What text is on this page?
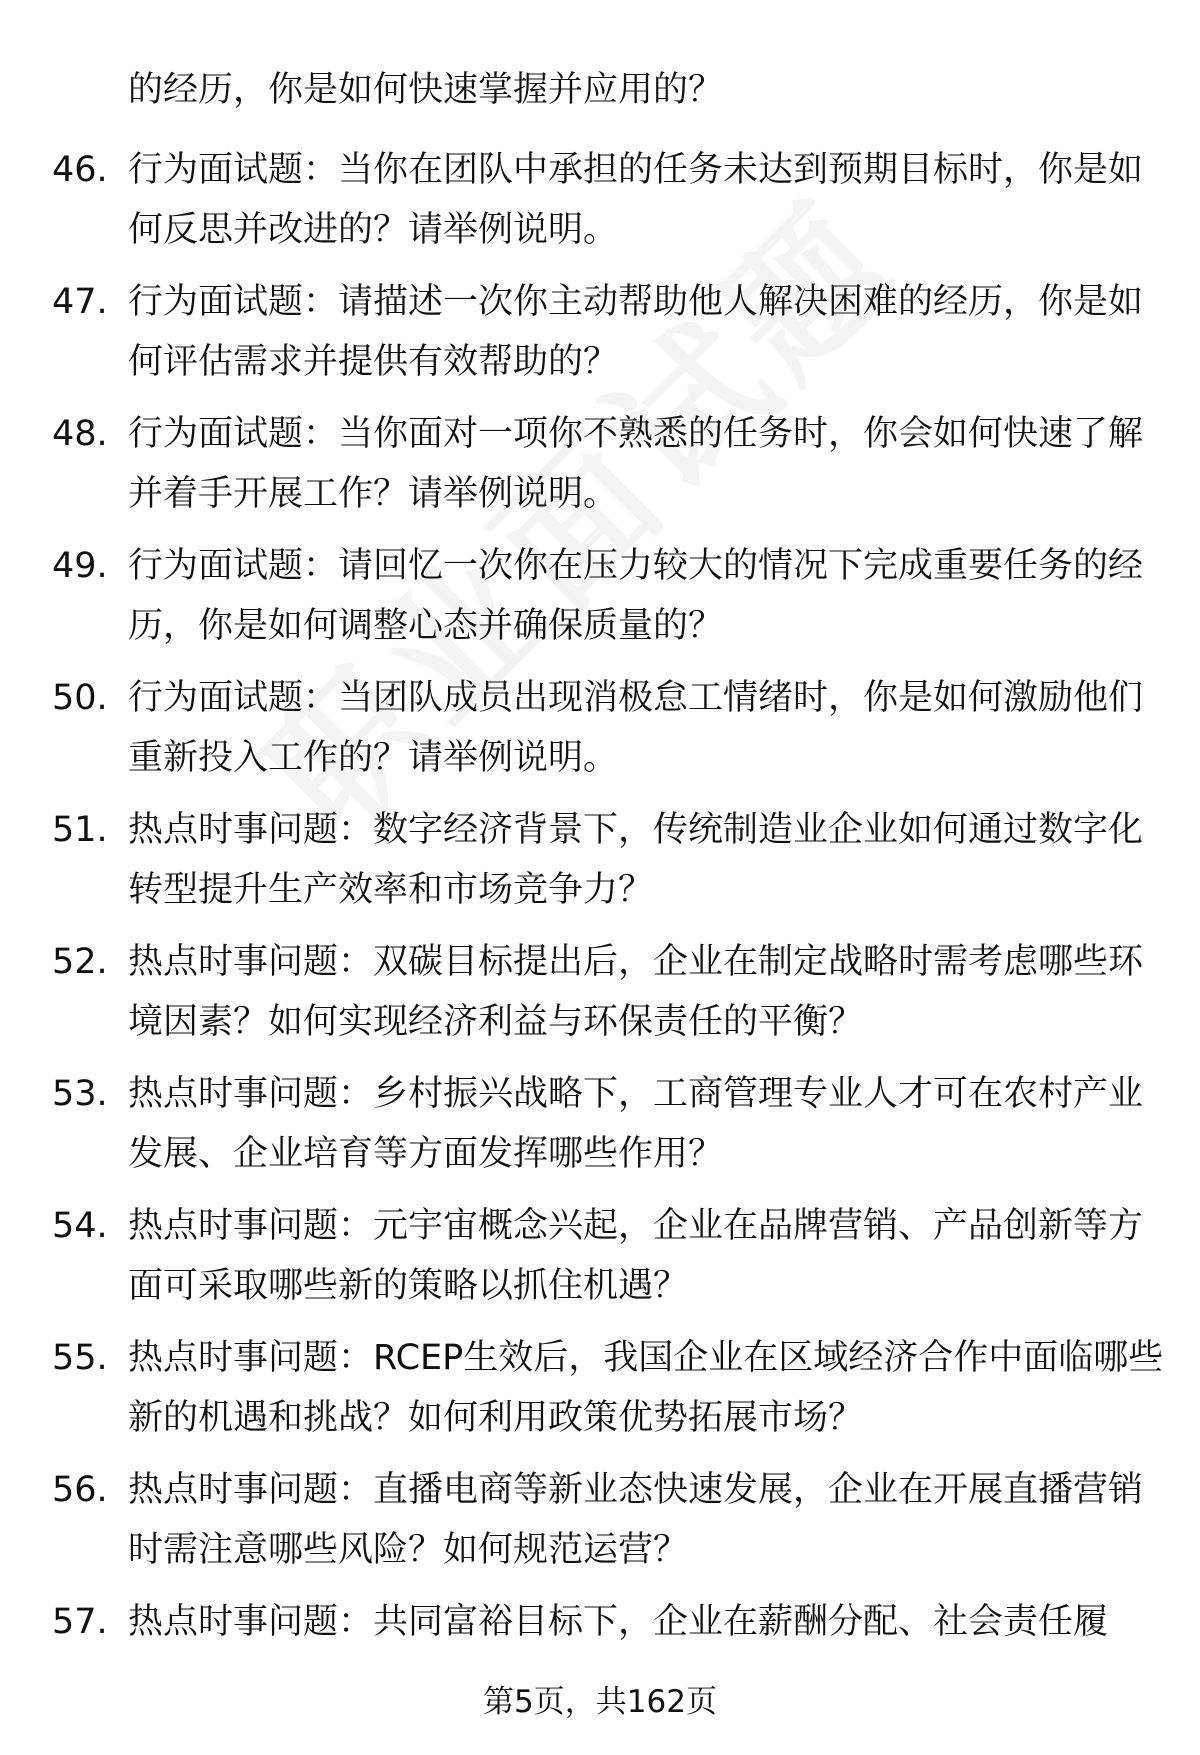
的经历，你是如何快速掌握并应用的？
46. 行为面试题：当你在团队中承担的任务未达到预期目标时，你是如何反思并改进的？请举例说明。
47. 行为面试题：请描述一次你主动帮助他人解决困难的经历，你是如何评估需求并提供有效帮助的？
48. 行为面试题：当你面对一项你不熟悉的任务时，你会如何快速了解并着手开展工作？请举例说明。
49. 行为面试题：请回忆一次你在压力较大的情况下完成重要任务的经历，你是如何调整心态并确保质量的？
50. 行为面试题：当团队成员出现消极怠工情绪时，你是如何激励他们重新投入工作的？请举例说明。
51. 热点时事问题：数字经济背景下，传统制造业企业如何通过数字化转型提升生产效率和市场竞争力？
52. 热点时事问题：双碳目标提出后，企业在制定战略时需考虑哪些环境因素？如何实现经济利益与环保责任的平衡？
53. 热点时事问题：乡村振兴战略下，工商管理专业人才可在农村产业发展、企业培育等方面发挥哪些作用？
54. 热点时事问题：元宇宙概念兴起，企业在品牌营销、产品创新等方面可采取哪些新的策略以抓住机遇？
55. 热点时事问题：RCEP生效后，我国企业在区域经济合作中面临哪些新的机遇和挑战？如何利用政策优势拓展市场？
56. 热点时事问题：直播电商等新业态快速发展，企业在开展直播营销时需注意哪些风险？如何规范运营？
57. 热点时事问题：共同富裕目标下，企业在薪酬分配、社会责任履
第5页，共162页
